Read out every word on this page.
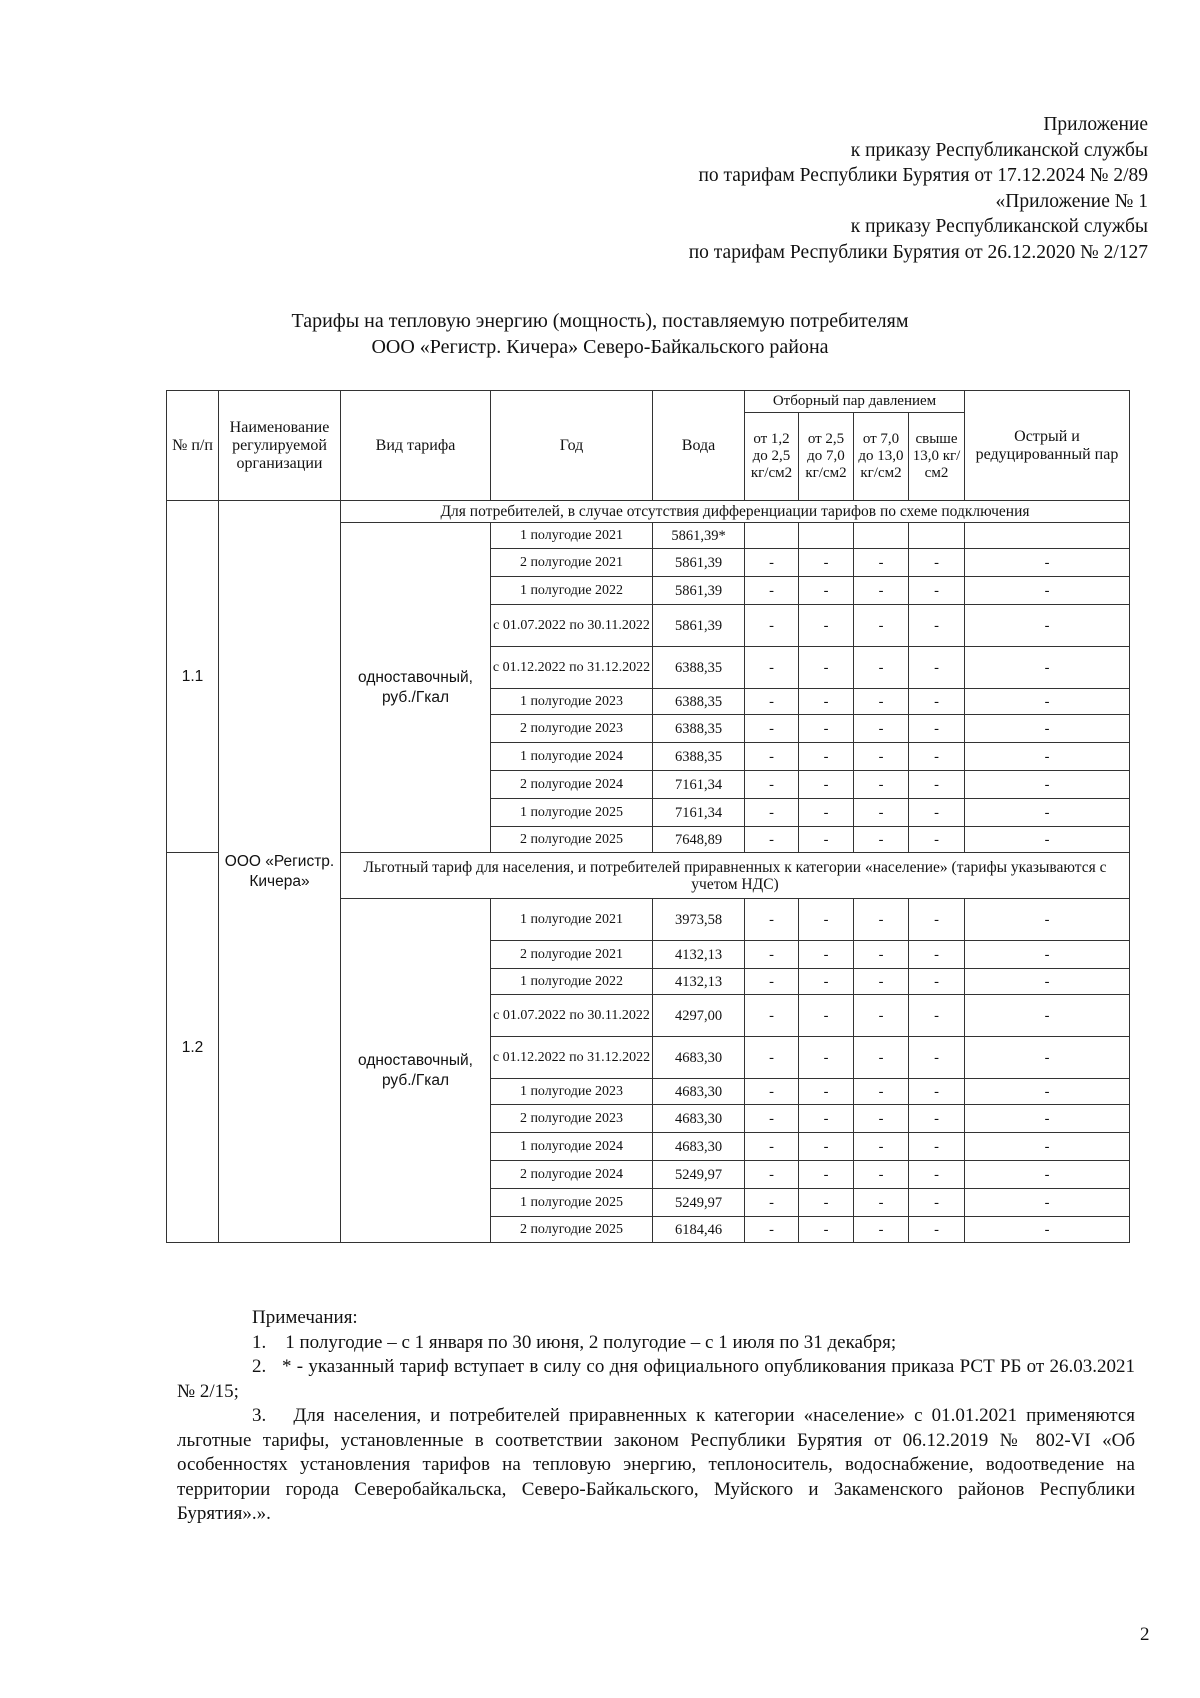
Приложение
к приказу Республиканской службы
по тарифам Республики Бурятия от 17.12.2024 № 2/89
«Приложение № 1
к приказу Республиканской службы
по тарифам Республики Бурятия от 26.12.2020 № 2/127
Тарифы на тепловую энергию (мощность), поставляемую потребителям
ООО «Регистр. Кичера» Северо-Байкальского района
№ п/п	Наименование регулируемой организации	Вид тарифа	Год	Вода	Отборный пар давлением				Острый и редуцированный пар
					от 1,2 до 2,5 кг/см2	от 2,5 до 7,0 кг/см2	от 7,0 до 13,0 кг/см2	свыше 13,0 кг/см2	
1.1	ООО «Регистр. Кичера»	Для потребителей, в случае отсутствия дифференциации тарифов по схеме подключения							
		одноставочный, руб./Гкал	1 полугодие 2021	5861,39*					
			2 полугодие 2021	5861,39	-	-	-	-	-
			1 полугодие 2022	5861,39	-	-	-	-	-
			с 01.07.2022 по 30.11.2022	5861,39	-	-	-	-	-
			с 01.12.2022 по 31.12.2022	6388,35	-	-	-	-	-
			1 полугодие 2023	6388,35	-	-	-	-	-
			2 полугодие 2023	6388,35	-	-	-	-	-
			1 полугодие 2024	6388,35	-	-	-	-	-
			2 полугодие 2024	7161,34	-	-	-	-	-
			1 полугодие 2025	7161,34	-	-	-	-	-
			2 полугодие 2025	7648,89	-	-	-	-	-
1.2		Льготный тариф для населения, и потребителей приравненных к категории «население» (тарифы указываются с учетом НДС)							
		одноставочный, руб./Гкал	1 полугодие 2021	3973,58	-	-	-	-	-
			2 полугодие 2021	4132,13	-	-	-	-	-
			1 полугодие 2022	4132,13	-	-	-	-	-
			с 01.07.2022 по 30.11.2022	4297,00	-	-	-	-	-
			с 01.12.2022 по 31.12.2022	4683,30	-	-	-	-	-
			1 полугодие 2023	4683,30	-	-	-	-	-
			2 полугодие 2023	4683,30	-	-	-	-	-
			1 полугодие 2024	4683,30	-	-	-	-	-
			2 полугодие 2024	5249,97	-	-	-	-	-
			1 полугодие 2025	5249,97	-	-	-	-	-
			2 полугодие 2025	6184,46	-	-	-	-	-

Примечания:

1.    1 полугодие – с 1 января по 30 июня, 2 полугодие – с 1 июля по 31 декабря;

2.   * - указанный тариф вступает в силу со дня официального опубликования приказа РСТ РБ от 26.03.2021 № 2/15;

3.   Для населения, и потребителей приравненных к категории «население» с 01.01.2021 применяются льготные тарифы, установленные в соответствии законом Республики Бурятия от 06.12.2019 № 802-VI «Об особенностях установления тарифов на тепловую энергию, теплоноситель, водоснабжение, водоотведение на территории города Северобайкальска, Северо-Байкальского, Муйского и Закаменского районов Республики Бурятия».».

2
